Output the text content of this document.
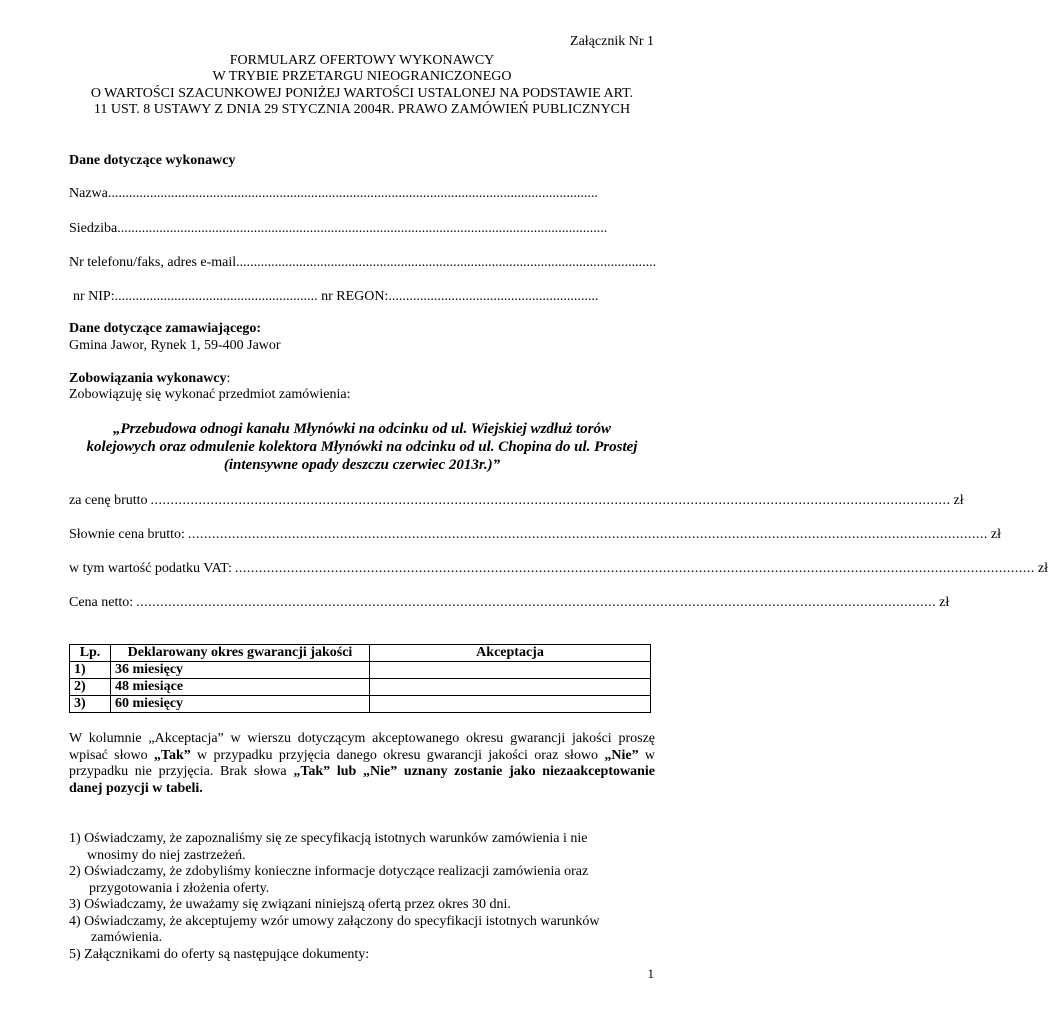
Załącznik Nr 1
FORMULARZ OFERTOWY WYKONAWCY
W TRYBIE PRZETARGU NIEOGRANICZONEGO
O WARTOŚCI SZACUNKOWEJ PONIŻEJ WARTOŚCI USTALONEJ NA PODSTAWIE ART.
11 UST. 8 USTAWY Z DNIA 29 STYCZNIA 2004R. PRAWO ZAMÓWIEŃ PUBLICZNYCH
Dane dotyczące wykonawcy
Nazwa............................................................................................................................................
Siedziba............................................................................................................................................
Nr telefonu/faks, adres e-mail........................................................................................................................
nr NIP:.......................................................... nr REGON:............................................................
Dane dotyczące zamawiającego:
Gmina Jawor, Rynek 1, 59-400 Jawor
Zobowiązania wykonawcy:
Zobowiązuję się wykonać przedmiot zamówienia:
„Przebudowa odnogi kanału Młynówki na odcinku od ul. Wiejskiej wzdłuż torów
kolejowych oraz odmulenie kolektora Młynówki na odcinku od ul. Chopina do ul. Prostej
(intensywne opady deszczu czerwiec 2013r.)”
za cenę brutto ........................................................................................................................................................................................................ zł
Słownie cena brutto: ........................................................................................................................................................................................................ zł
w tym wartość podatku VAT: ........................................................................................................................................................................................................ zł
Cena netto: ........................................................................................................................................................................................................ zł
Lp.	Deklarowany okres gwarancji jakości	Akceptacja
1)	36 miesięcy	
2)	48 miesiące	
3)	60 miesięcy	
W kolumnie „Akceptacja” w wierszu dotyczącym akceptowanego okresu gwarancji jakości proszę wpisać słowo „Tak” w przypadku przyjęcia danego okresu gwarancji jakości oraz słowo „Nie” w przypadku nie przyjęcia. Brak słowa „Tak” lub „Nie” uznany zostanie jako niezaakceptowanie danej pozycji w tabeli.
1) Oświadczamy, że zapoznaliśmy się ze specyfikacją istotnych warunków zamówienia i nie
wnosimy do niej zastrzeżeń.
2) Oświadczamy, że zdobyliśmy konieczne informacje dotyczące realizacji zamówienia oraz
przygotowania i złożenia oferty.
3) Oświadczamy, że uważamy się związani niniejszą ofertą przez okres 30 dni.
4) Oświadczamy, że akceptujemy wzór umowy załączony do specyfikacji istotnych warunków
zamówienia.
5) Załącznikami do oferty są następujące dokumenty:
1
